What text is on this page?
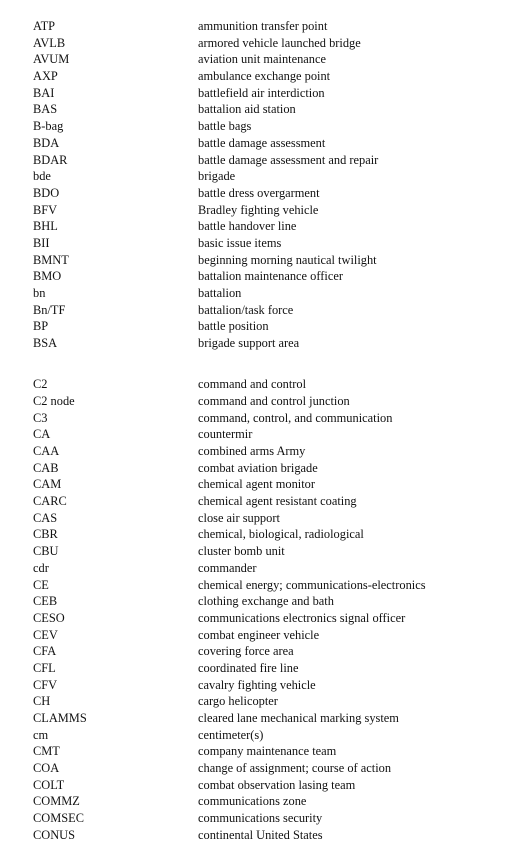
ATP	ammunition transfer point
AVLB	armored vehicle launched bridge
AVUM	aviation unit maintenance
AXP	ambulance exchange point
BAI	battlefield air interdiction
BAS	battalion aid station
B-bag	battle bags
BDA	battle damage assessment
BDAR	battle damage assessment and repair
bde	brigade
BDO	battle dress overgarment
BFV	Bradley fighting vehicle
BHL	battle handover line
BII	basic issue items
BMNT	beginning morning nautical twilight
BMO	battalion maintenance officer
bn	battalion
Bn/TF	battalion/task force
BP	battle position
BSA	brigade support area
C2	command and control
C2 node	command and control junction
C3	command, control, and communication
CA	countermir
CAA	combined arms Army
CAB	combat aviation brigade
CAM	chemical agent monitor
CARC	chemical agent resistant coating
CAS	close air support
CBR	chemical, biological, radiological
CBU	cluster bomb unit
cdr	commander
CE	chemical energy; communications-electronics
CEB	clothing exchange and bath
CESO	communications electronics signal officer
CEV	combat engineer vehicle
CFA	covering force area
CFL	coordinated fire line
CFV	cavalry fighting vehicle
CH	cargo helicopter
CLAMMS	cleared lane mechanical marking system
cm	centimeter(s)
CMT	company maintenance team
COA	change of assignment; course of action
COLT	combat observation lasing team
COMMZ	communications zone
COMSEC	communications security
CONUS	continental United States
